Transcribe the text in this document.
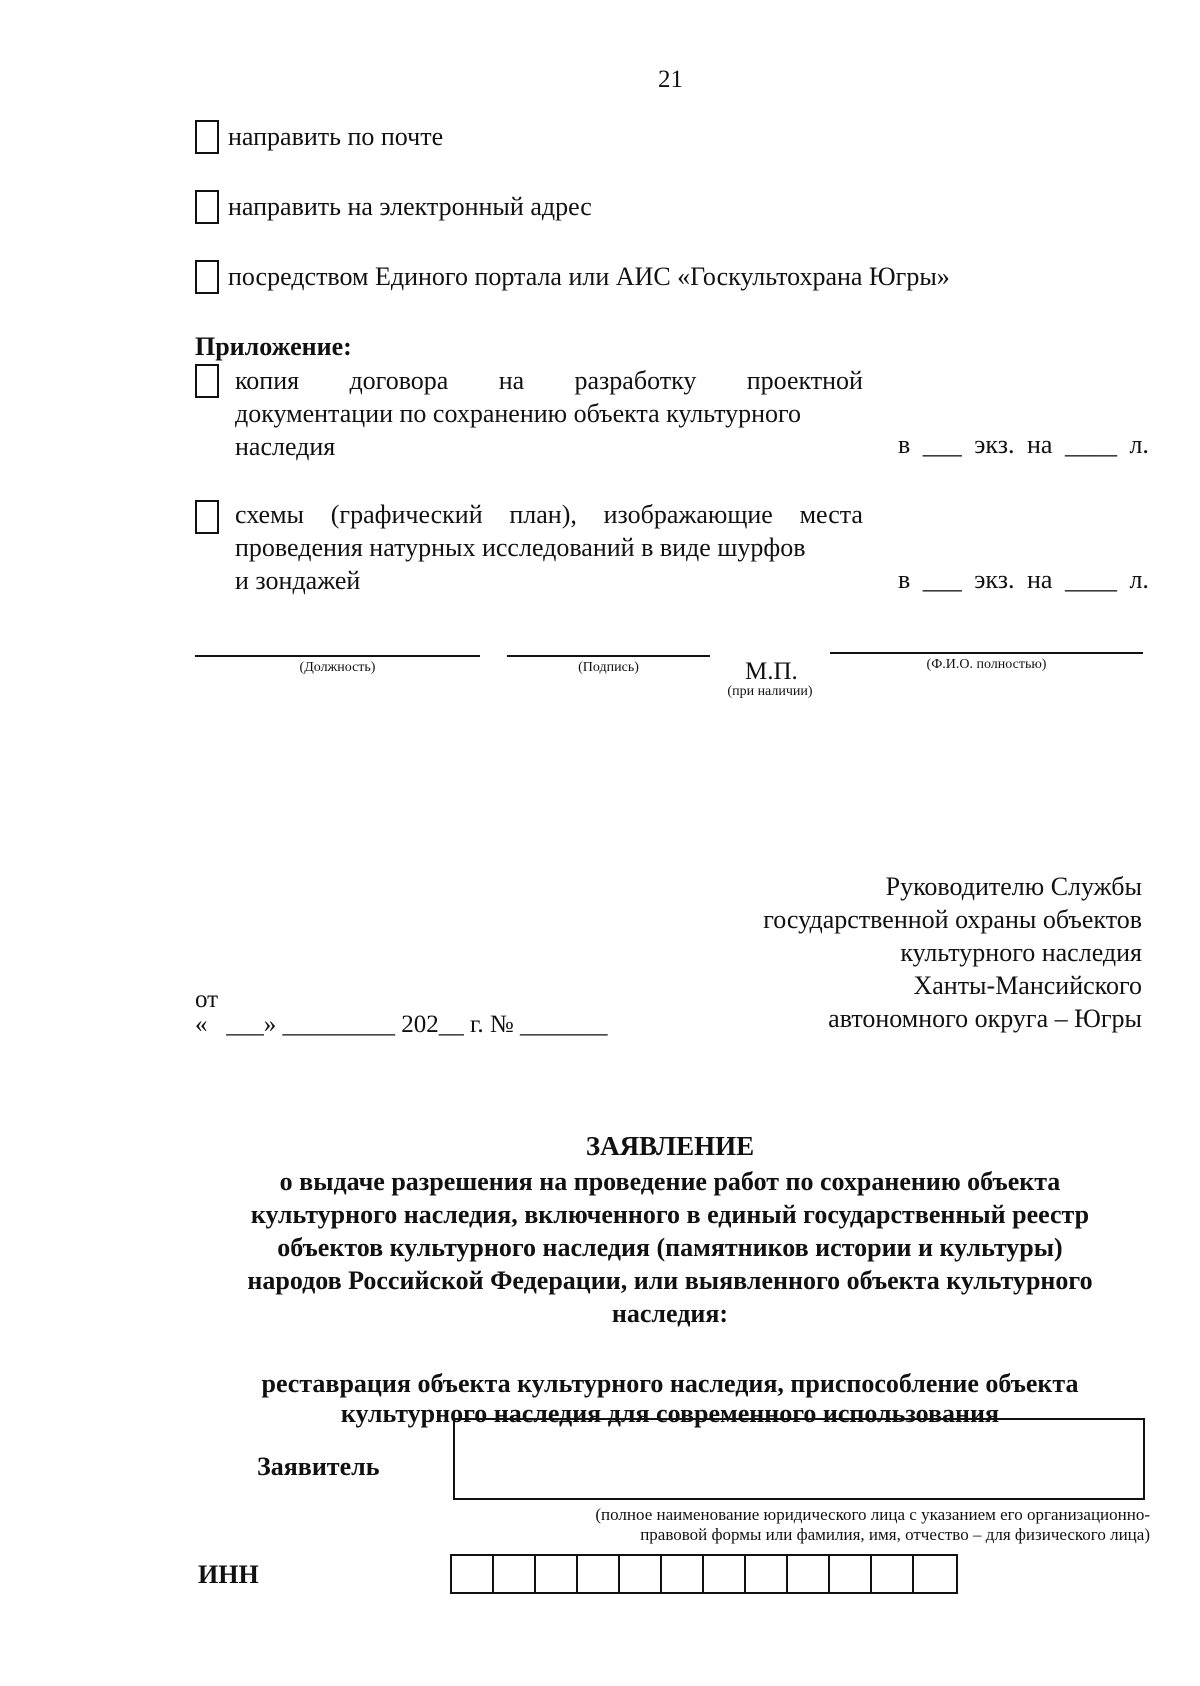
21
направить по почте
направить на электронный адрес
посредством Единого портала или АИС «Госкультохрана Югры»
Приложение:
копия договора на разработку проектной
документации по сохранению объекта культурного
наследия	в ___ экз. на ____ л.
схемы (графический план), изображающие места
проведения натурных исследований в виде шурфов
и зондажей	в ___ экз. на ____ л.
(Должность)	(Подпись)	М.П.
(при наличии)
(Ф.И.О. полностью)
Руководителю Службы
государственной охраны объектов
культурного наследия
Ханты-Мансийского
автономного округа – Югры
от
«   ___» _________ 202__ г. № _______
ЗАЯВЛЕНИЕ
о выдаче разрешения на проведение работ по сохранению объекта
культурного наследия, включенного в единый государственный реестр
объектов культурного наследия (памятников истории и культуры)
народов Российской Федерации, или выявленного объекта культурного
наследия:
реставрация объекта культурного наследия, приспособление объекта
культурного наследия для современного использования
Заявитель
(полное наименование юридического лица с указанием его организационно-
правовой формы или фамилия, имя, отчество – для физического лица)
ИНН
